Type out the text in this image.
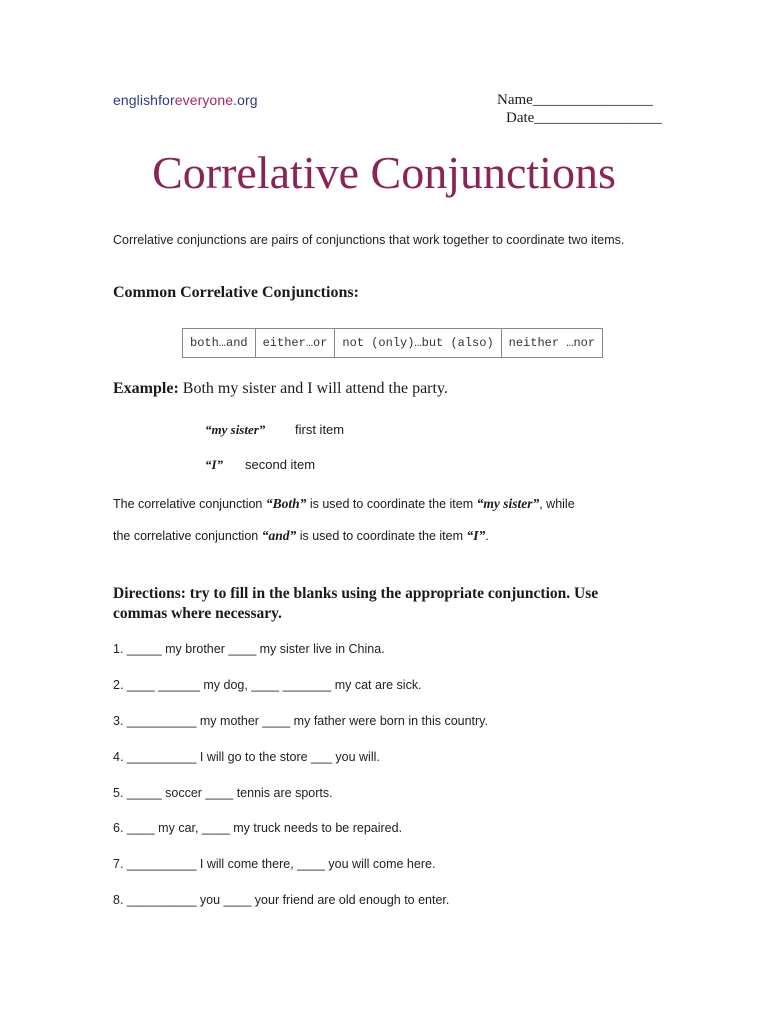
englishforeveryone.org	Name________________
Date_________________
Correlative Conjunctions
Correlative conjunctions are pairs of conjunctions that work together to coordinate two items.
Common Correlative Conjunctions:
both…and	either…or	not (only)…but (also)	neither …nor
Example: Both my sister and I will attend the party.
“my sister” first item
“I” second item
The correlative conjunction “Both” is used to coordinate the item “my sister”, while
the correlative conjunction “and” is used to coordinate the item “I”.
Directions: try to fill in the blanks using the appropriate conjunction. Use commas where necessary.
1. _____ my brother ____ my sister live in China.
2. ____ ______ my dog, ____ _______ my cat are sick.
3. __________ my mother ____ my father were born in this country.
4. __________ I will go to the store ___ you will.
5. _____ soccer ____ tennis are sports.
6. ____ my car, ____ my truck needs to be repaired.
7. __________ I will come there, ____ you will come here.
8. __________ you ____ your friend are old enough to enter.
